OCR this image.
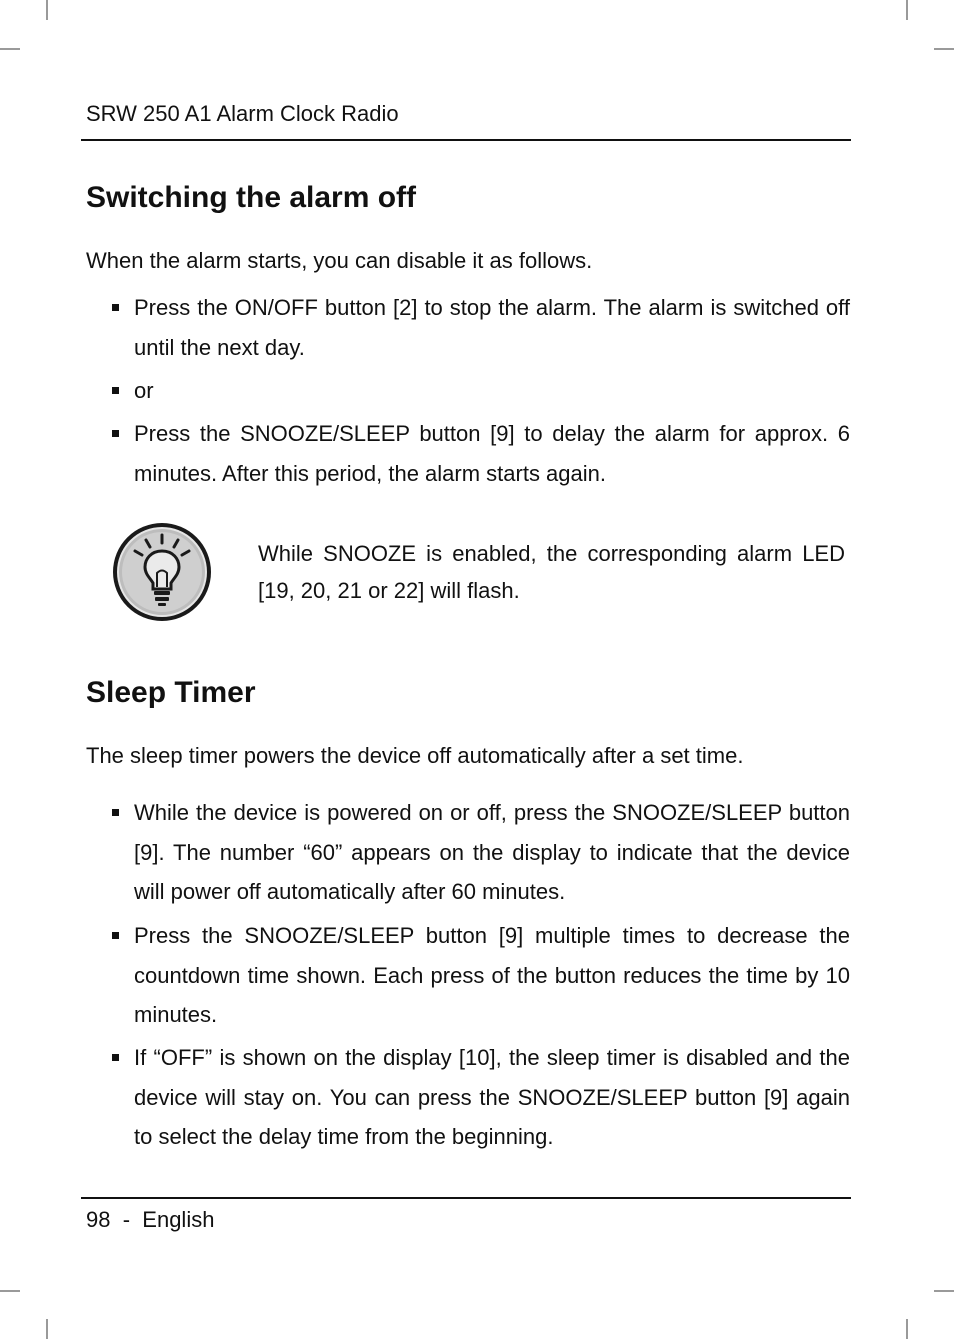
SRW 250 A1 Alarm Clock Radio
Switching the alarm off

When the alarm starts, you can disable it as follows.

Press the ON/OFF button [2] to stop the alarm. The alarm is switched off until the next day.
or
Press the SNOOZE/SLEEP button [9] to delay the alarm for approx. 6 minutes. After this period, the alarm starts again.

While SNOOZE is enabled, the corresponding alarm LED [19, 20, 21 or 22] will flash.

Sleep Timer

The sleep timer powers the device off automatically after a set time.

While the device is powered on or off, press the SNOOZE/SLEEP button [9]. The number “60” appears on the display to indicate that the device will power off automatically after 60 minutes.
Press the SNOOZE/SLEEP button [9] multiple times to decrease the countdown time shown. Each press of the button reduces the time by 10 minutes.
If “OFF” is shown on the display [10], the sleep timer is disabled and the device will stay on. You can press the SNOOZE/SLEEP button [9] again to select the delay time from the beginning.
98 - English
